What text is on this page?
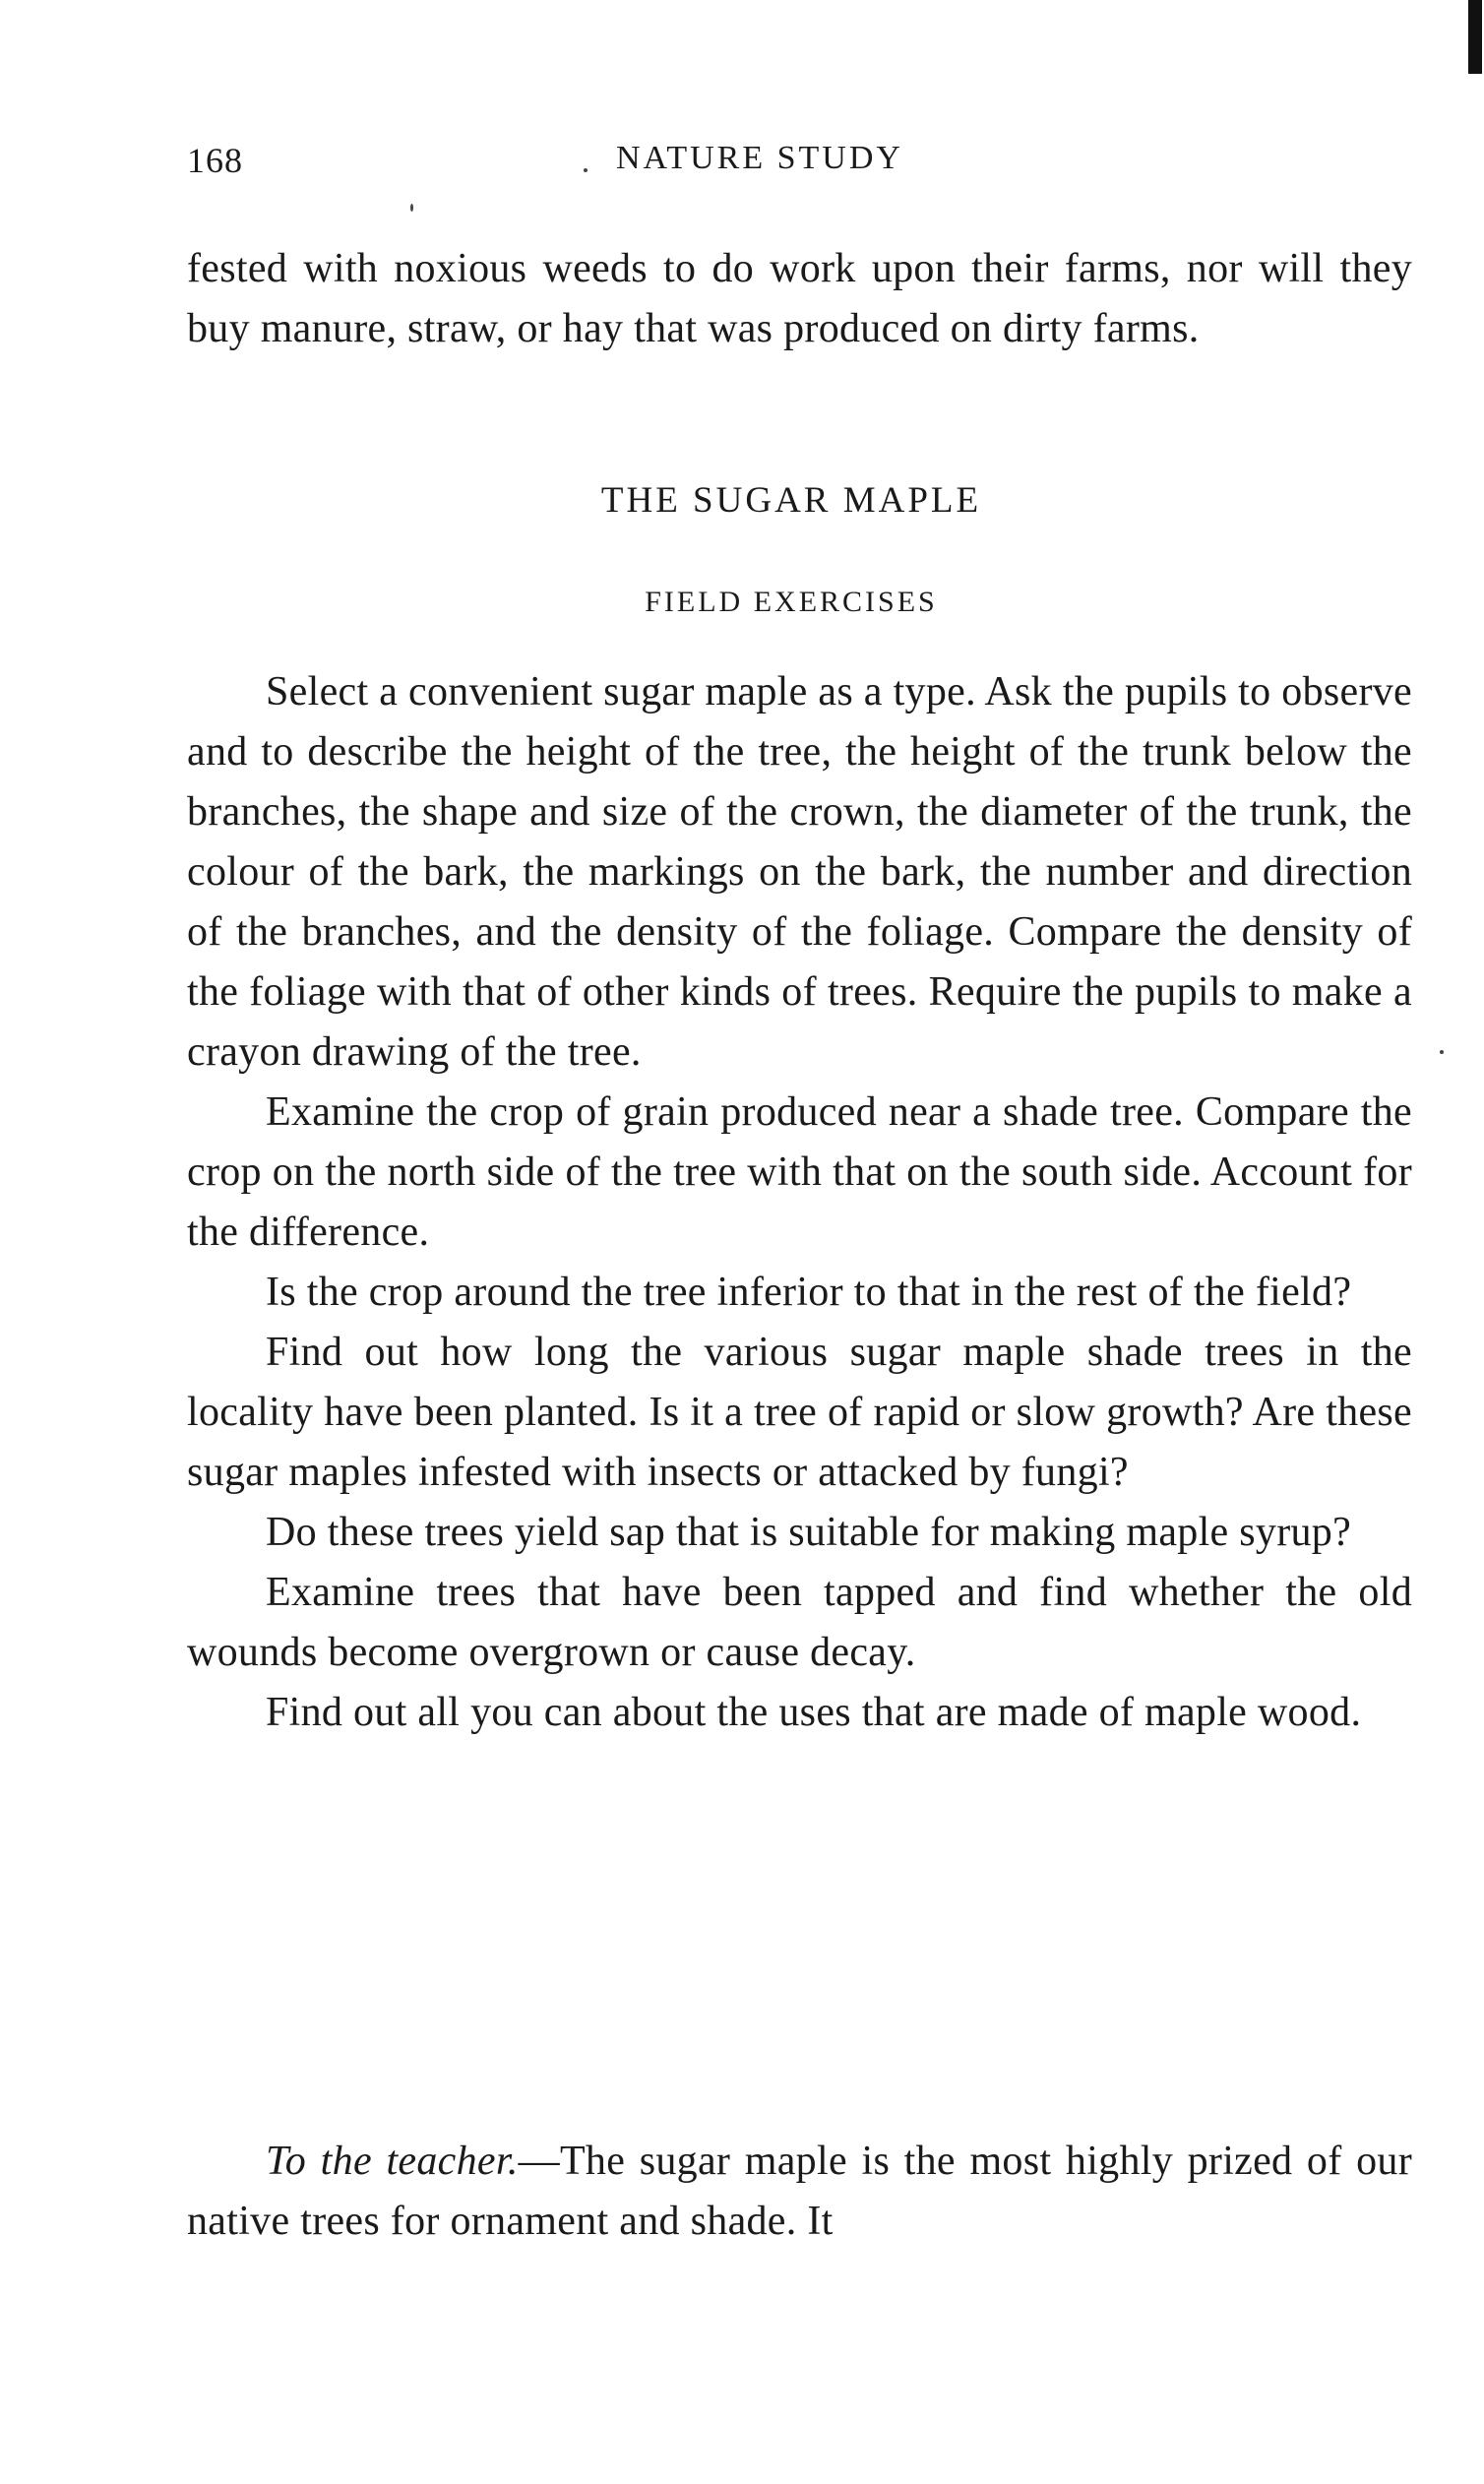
168	NATURE STUDY

fested with noxious weeds to do work upon their farms, nor will they buy manure, straw, or hay that was produced on dirty farms.

THE SUGAR MAPLE
FIELD EXERCISES

Select a convenient sugar maple as a type. Ask the pupils to observe and to describe the height of the tree, the height of the trunk below the branches, the shape and size of the crown, the diameter of the trunk, the colour of the bark, the markings on the bark, the number and direction of the branches, and the density of the foliage. Compare the density of the foliage with that of other kinds of trees. Require the pupils to make a crayon drawing of the tree.

Examine the crop of grain produced near a shade tree. Compare the crop on the north side of the tree with that on the south side. Account for the difference.

Is the crop around the tree inferior to that in the rest of the field?

Find out how long the various sugar maple shade trees in the locality have been planted. Is it a tree of rapid or slow growth? Are these sugar maples infested with insects or attacked by fungi?

Do these trees yield sap that is suitable for making maple syrup?

Examine trees that have been tapped and find whether the old wounds become overgrown or cause decay.

Find out all you can about the uses that are made of maple wood.

To the teacher.—The sugar maple is the most highly prized of our native trees for ornament and shade. It
